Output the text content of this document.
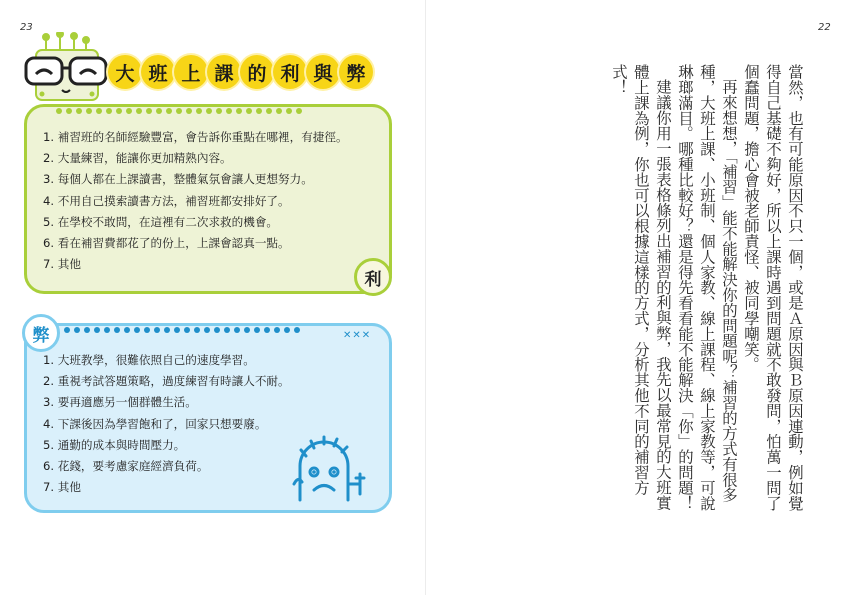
23	22
大 班 上 課 的 利 與 弊
1. 補習班的名師經驗豐富，會告訴你重點在哪裡，有捷徑。
2. 大量練習，能讓你更加精熟內容。
3. 每個人都在上課讀書，整體氣氛會讓人更想努力。
4. 不用自己摸索讀書方法，補習班都安排好了。
5. 在學校不敢問，在這裡有二次求救的機會。
6. 看在補習費都花了的份上，上課會認真一點。
7. 其他
利
1. 大班教學，很難依照自己的速度學習。
2. 重視考試答題策略，過度練習有時讓人不耐。
3. 要再適應另一個群體生活。
4. 下課後因為學習飽和了，回家只想要廢。
5. 通勤的成本與時間壓力。
6. 花錢，要考慮家庭經濟負荷。
7. 其他
✕✕✕
弊	當然，也有可能原因不只一個，或是Ａ原因與Ｂ原因連動，例如覺得自己基礎不夠好，所以上課時遇到問題就不敢發問，怕萬一問了個蠢問題，擔心會被老師責怪、被同學嘲笑。

再來想想，「補習」能不能解決你的問題呢？補習的方式有很多種，大班上課、小班制、個人家教、線上課程、線上家教等，可說琳瑯滿目。哪種比較好？還是得先看看能不能解決「你」的問題！

建議你用一張表格條列出補習的利與弊，我先以最常見的大班實體上課為例，你也可以根據這樣的方式，分析其他不同的補習方式！
